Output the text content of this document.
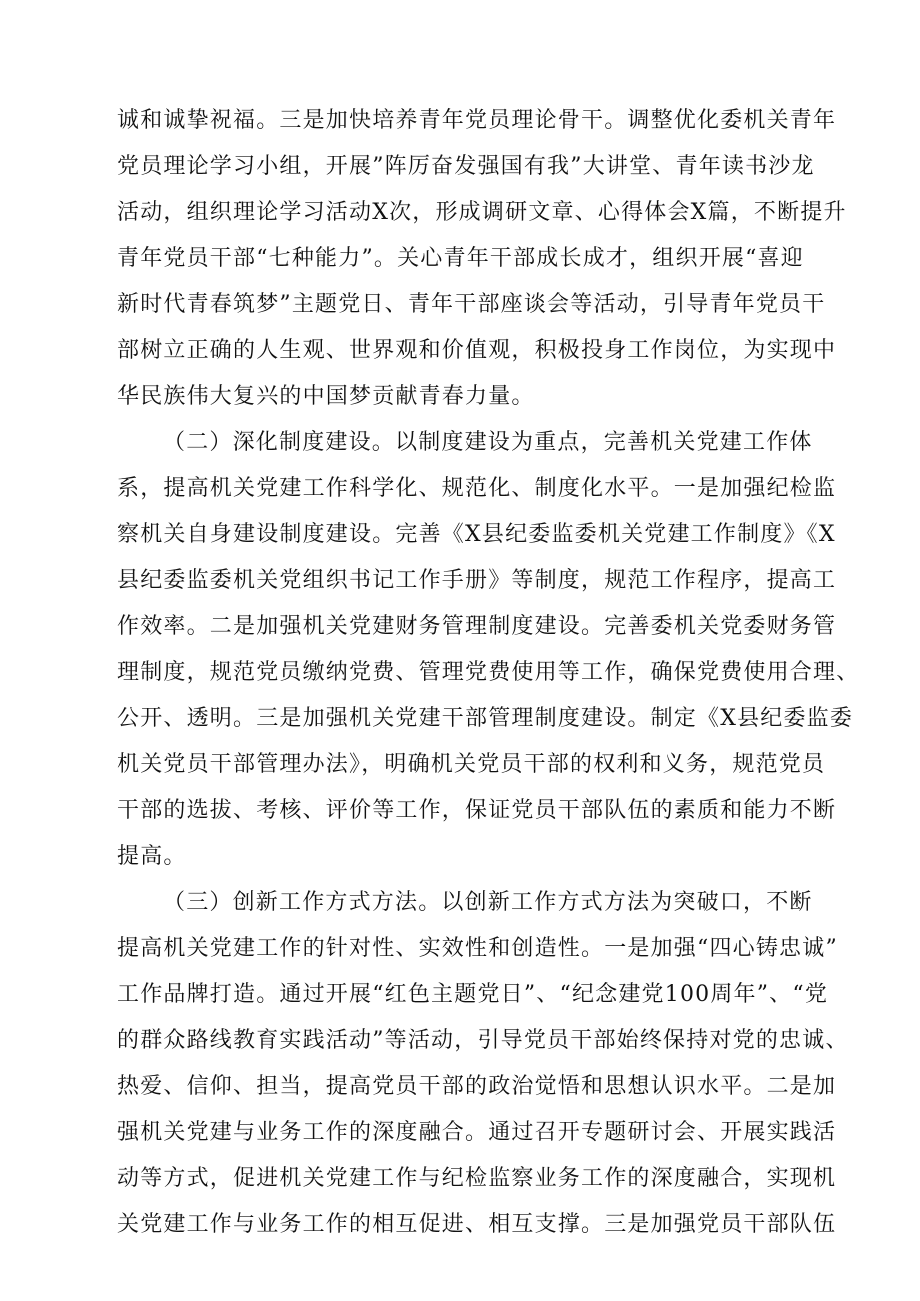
诚和诚挚祝福。三是加快培养青年党员理论骨干。调整优化委机关青年
党员理论学习小组，开展”阵厉奋发强国有我”大讲堂、青年读书沙龙
活动，组织理论学习活动X次，形成调研文章、心得体会X篇，不断提升
青年党员干部“七种能力”。关心青年干部成长成才，组织开展“喜迎
新时代青春筑梦”主题党日、青年干部座谈会等活动，引导青年党员干
部树立正确的人生观、世界观和价值观，积极投身工作岗位，为实现中
华民族伟大复兴的中国梦贡献青春力量。
（二）深化制度建设。以制度建设为重点，完善机关党建工作体
系，提高机关党建工作科学化、规范化、制度化水平。一是加强纪检监
察机关自身建设制度建设。完善《X县纪委监委机关党建工作制度》《X
县纪委监委机关党组织书记工作手册》等制度，规范工作程序，提高工
作效率。二是加强机关党建财务管理制度建设。完善委机关党委财务管
理制度，规范党员缴纳党费、管理党费使用等工作，确保党费使用合理、
公开、透明。三是加强机关党建干部管理制度建设。制定《X县纪委监委
机关党员干部管理办法》，明确机关党员干部的权利和义务，规范党员
干部的选拔、考核、评价等工作，保证党员干部队伍的素质和能力不断
提高。
（三）创新工作方式方法。以创新工作方式方法为突破口，不断
提高机关党建工作的针对性、实效性和创造性。一是加强“四心铸忠诚”
工作品牌打造。通过开展“红色主题党日”、“纪念建党100周年”、“党
的群众路线教育实践活动”等活动，引导党员干部始终保持对党的忠诚、
热爱、信仰、担当，提高党员干部的政治觉悟和思想认识水平。二是加
强机关党建与业务工作的深度融合。通过召开专题研讨会、开展实践活
动等方式，促进机关党建工作与纪检监察业务工作的深度融合，实现机
关党建工作与业务工作的相互促进、相互支撑。三是加强党员干部队伍
